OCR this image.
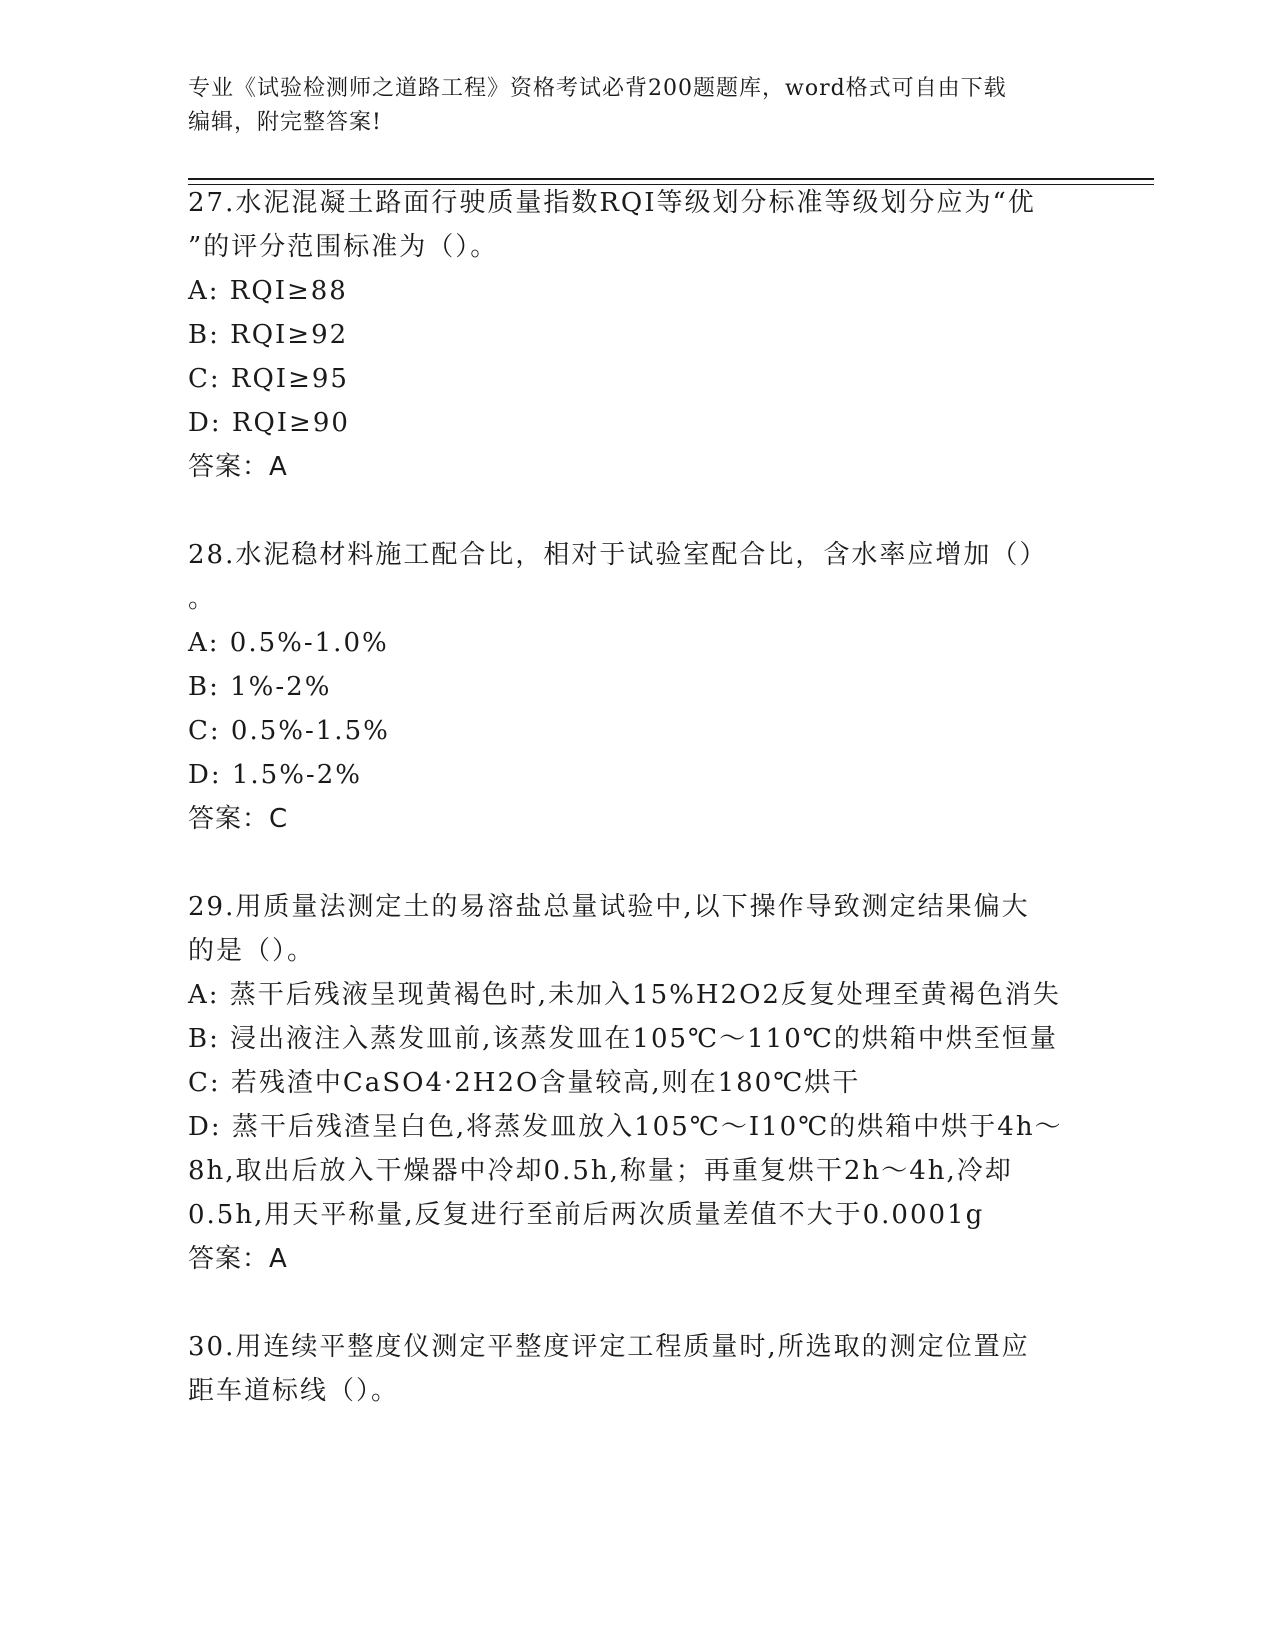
专业《试验检测师之道路工程》资格考试必背200题题库，word格式可自由下载
编辑，附完整答案!
27.水泥混凝土路面行驶质量指数RQI等级划分标准等级划分应为“优
”的评分范围标准为（）。
A: RQI≥88
B: RQI≥92
C: RQI≥95
D: RQI≥90
答案：A
28.水泥稳材料施工配合比，相对于试验室配合比，含水率应增加（）
。
A: 0.5%-1.0%
B: 1%-2%
C: 0.5%-1.5%
D: 1.5%-2%
答案：C
29.用质量法测定土的易溶盐总量试验中,以下操作导致测定结果偏大
的是（）。
A: 蒸干后残液呈现黄褐色时,未加入15%H2O2反复处理至黄褐色消失
B: 浸出液注入蒸发皿前,该蒸发皿在105℃～110℃的烘箱中烘至恒量
C: 若残渣中CaSO4·2H2O含量较高,则在180℃烘干
D: 蒸干后残渣呈白色,将蒸发皿放入105℃～I10℃的烘箱中烘于4h～
8h,取出后放入干燥器中冷却0.5h,称量；再重复烘干2h～4h,冷却
0.5h,用天平称量,反复进行至前后两次质量差值不大于0.0001g
答案：A
30.用连续平整度仪测定平整度评定工程质量时,所选取的测定位置应
距车道标线（）。
